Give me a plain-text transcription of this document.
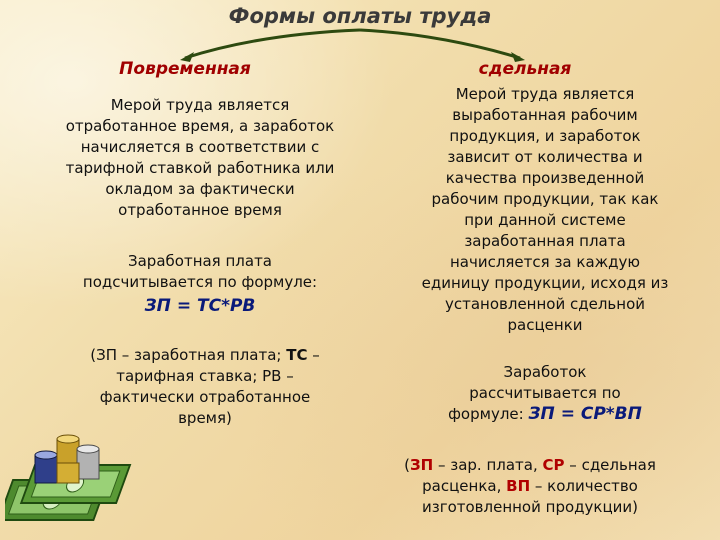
Формы оплаты труда
Повременная	сдельная
Мерой труда является
отработанное время, а заработок
начисляется в соответствии с
тарифной ставкой работника или
окладом за фактически
отработанное время
Заработная плата
подсчитывается по формуле:
ЗП = ТС*РВ
(ЗП – заработная плата; ТС –
тарифная ставка; РВ –
фактически отработанное
время)
Мерой труда является
выработанная рабочим
продукция, и заработок
зависит от количества и
качества произведенной
рабочим продукции, так как
при данной системе
заработанная плата
начисляется за каждую
единицу продукции, исходя из
установленной сдельной
расценки
Заработок
рассчитывается по
формуле: ЗП = СР*ВП
(ЗП – зар. плата, СР – сдельная
расценка, ВП – количество
изготовленной продукции)
